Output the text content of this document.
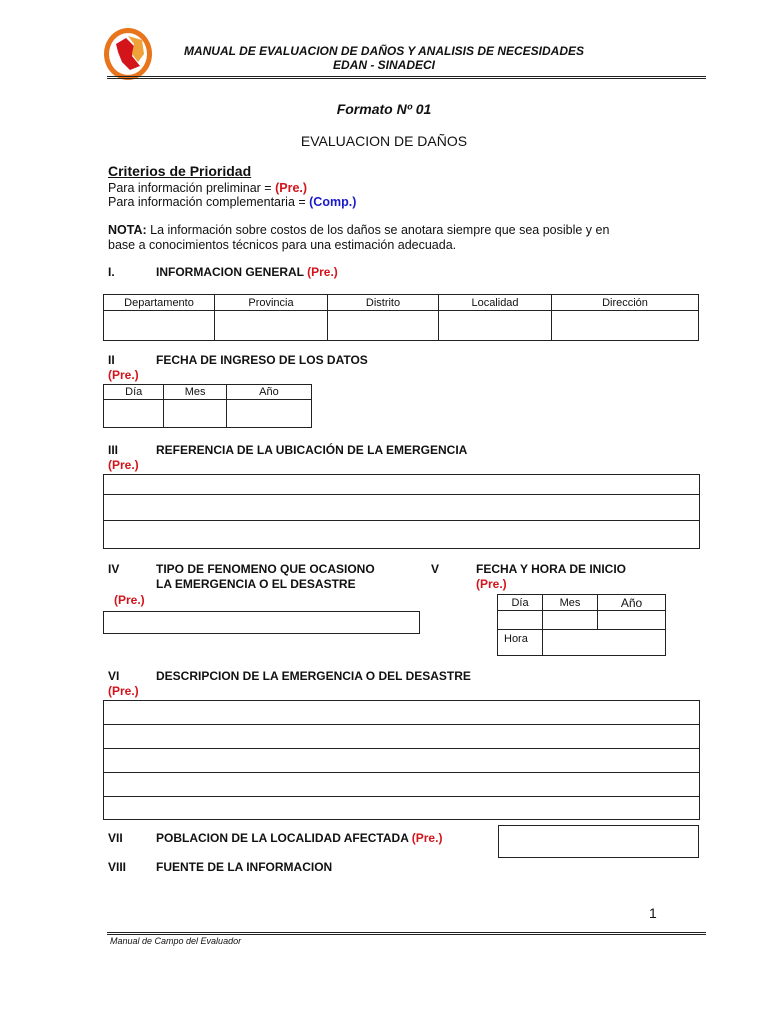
MANUAL DE EVALUACION DE DAÑOS Y ANALISIS DE NECESIDADES
EDAN - SINADECI
Formato Nº 01
EVALUACION DE DAÑOS
Criterios de Prioridad
Para información preliminar = (Pre.)
Para información complementaria = (Comp.)
NOTA: La información sobre costos de los daños se anotara siempre que sea posible y en
base a conocimientos técnicos para una estimación adecuada.
I.	INFORMACION GENERAL (Pre.)
Departamento	Provincia	Distrito	Localidad	Dirección

II	FECHA DE INGRESO DE LOS DATOS
(Pre.)
Día	Mes	Año

III	REFERENCIA DE LA UBICACIÓN DE LA EMERGENCIA
(Pre.)
IV	TIPO DE FENOMENO QUE OCASIONO
LA EMERGENCIA O EL DESASTRE
(Pre.)
V	FECHA Y HORA DE INICIO
(Pre.)
Día	Mes	Año

Hora		
VI	DESCRIPCION DE LA EMERGENCIA O DEL DESASTRE
(Pre.)
VII	POBLACION DE LA LOCALIDAD AFECTADA (Pre.)
VIII FUENTE DE LA INFORMACION
1
Manual de Campo del Evaluador
